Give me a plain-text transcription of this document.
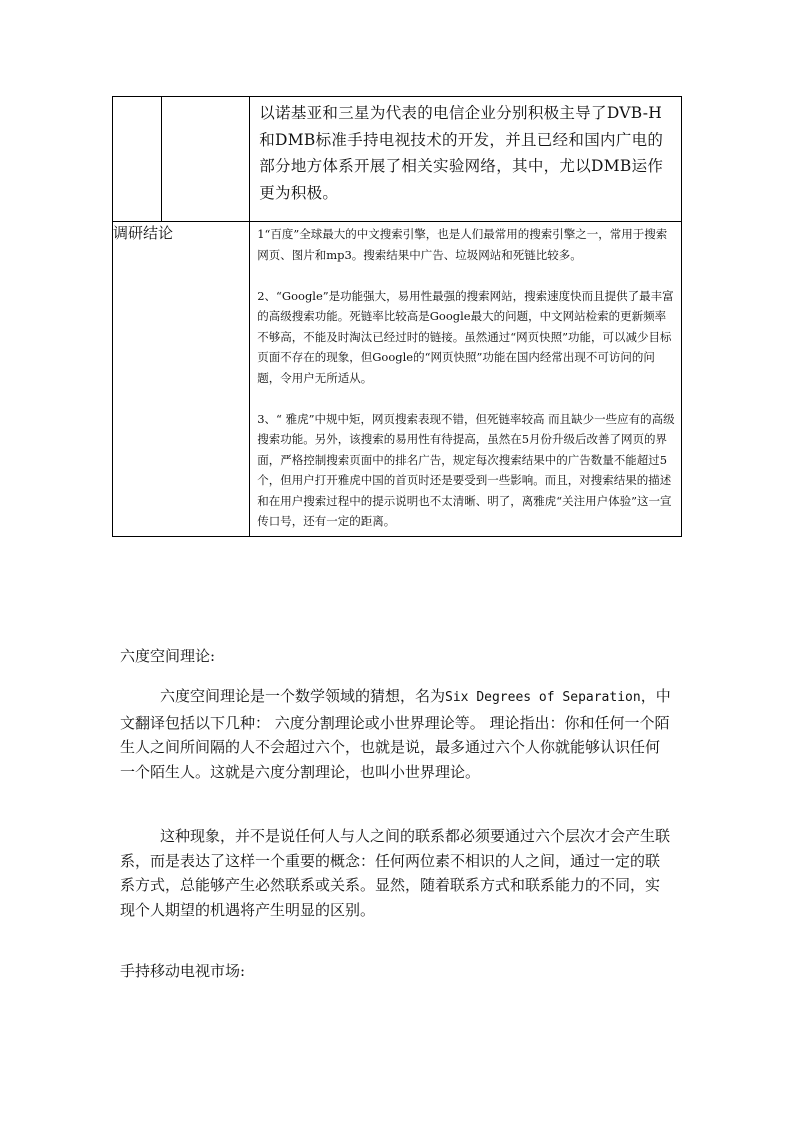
		以诺基亚和三星为代表的电信企业分别积极主导了DVB-H和DMB标准手持电视技术的开发，并且已经和国内广电的部分地方体系开展了相关实验网络，其中，尤以DMB运作更为积极。

调研结论		1“百度”全球最大的中文搜索引擎，也是人们最常用的搜索引擎之一，常用于搜索网页、图片和mp3。搜索结果中广告、垃圾网站和死链比较多。

2、“Google”是功能强大，易用性最强的搜索网站，搜索速度快而且提供了最丰富的高级搜索功能。死链率比较高是Google最大的问题，中文网站检索的更新频率不够高，不能及时淘汰已经过时的链接。虽然通过“网页快照”功能，可以减少目标页面不存在的现象，但Google的“网页快照”功能在国内经常出现不可访问的问题，令用户无所适从。

3、“ 雅虎”中规中矩，网页搜索表现不错，但死链率较高 而且缺少一些应有的高级搜索功能。另外，该搜索的易用性有待提高，虽然在5月份升级后改善了网页的界面，严格控制搜索页面中的排名广告，规定每次搜索结果中的广告数量不能超过5个，但用户打开雅虎中国的首页时还是要受到一些影响。而且，对搜索结果的描述和在用户搜索过程中的提示说明也不太清晰、明了，离雅虎“关注用户体验”这一宣传口号，还有一定的距离。

六度空间理论:

六度空间理论是一个数学领域的猜想，名为Six Degrees of Separation，中文翻译包括以下几种： 六度分割理论或小世界理论等。 理论指出：你和任何一个陌生人之间所间隔的人不会超过六个，也就是说，最多通过六个人你就能够认识任何一个陌生人。这就是六度分割理论，也叫小世界理论。

这种现象，并不是说任何人与人之间的联系都必须要通过六个层次才会产生联系，而是表达了这样一个重要的概念：任何两位素不相识的人之间，通过一定的联系方式，总能够产生必然联系或关系。显然，随着联系方式和联系能力的不同，实现个人期望的机遇将产生明显的区别。

手持移动电视市场:
